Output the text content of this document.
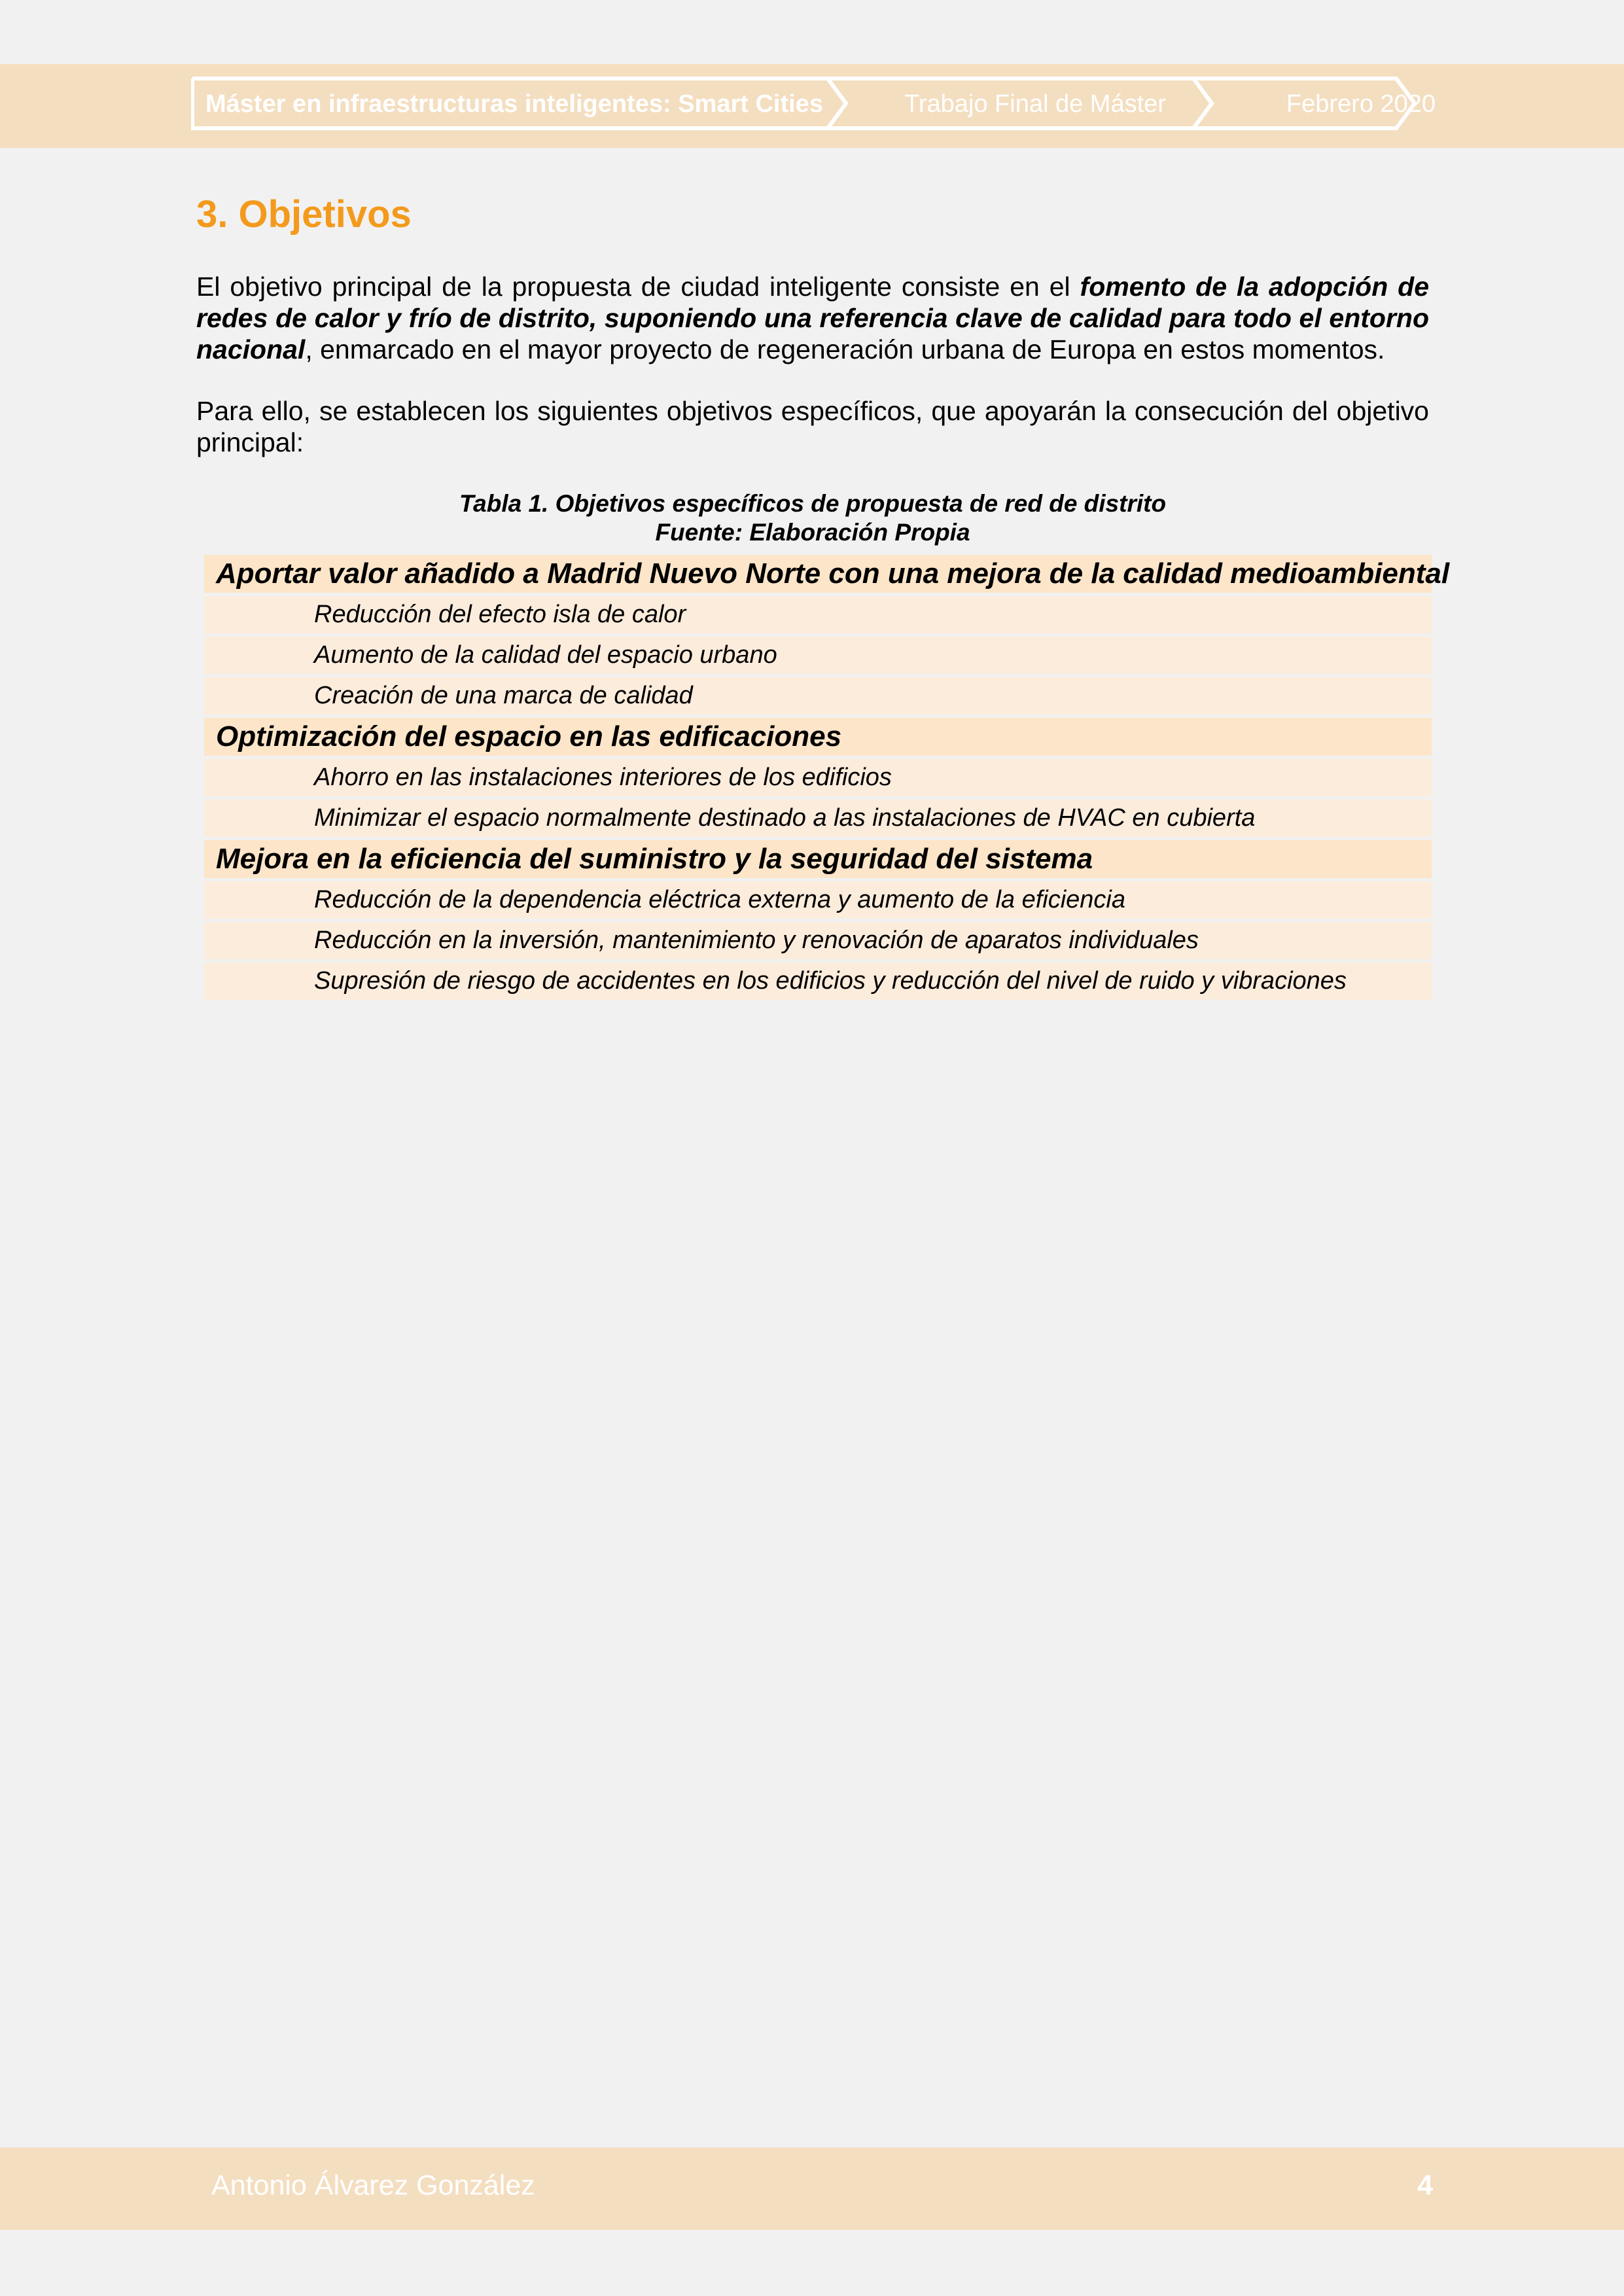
Máster en infraestructuras inteligentes: Smart Cities	Trabajo Final de Máster	Febrero 2020
3. Objetivos

El objetivo principal de la propuesta de ciudad inteligente consiste en el fomento de la adopción de redes de calor y frío de distrito, suponiendo una referencia clave de calidad para todo el entorno nacional, enmarcado en el mayor proyecto de regeneración urbana de Europa en estos momentos.

Para ello, se establecen los siguientes objetivos específicos, que apoyarán la consecución del objetivo principal:

Tabla 1. Objetivos específicos de propuesta de red de distrito
Fuente: Elaboración Propia
Aportar valor añadido a Madrid Nuevo Norte con una mejora de la calidad medioambiental
Reducción del efecto isla de calor
Aumento de la calidad del espacio urbano
Creación de una marca de calidad
Optimización del espacio en las edificaciones
Ahorro en las instalaciones interiores de los edificios
Minimizar el espacio normalmente destinado a las instalaciones de HVAC en cubierta
Mejora en la eficiencia del suministro y la seguridad del sistema
Reducción de la dependencia eléctrica externa y aumento de la eficiencia
Reducción en la inversión, mantenimiento y renovación de aparatos individuales
Supresión de riesgo de accidentes en los edificios y reducción del nivel de ruido y vibraciones
Antonio Álvarez González	4
